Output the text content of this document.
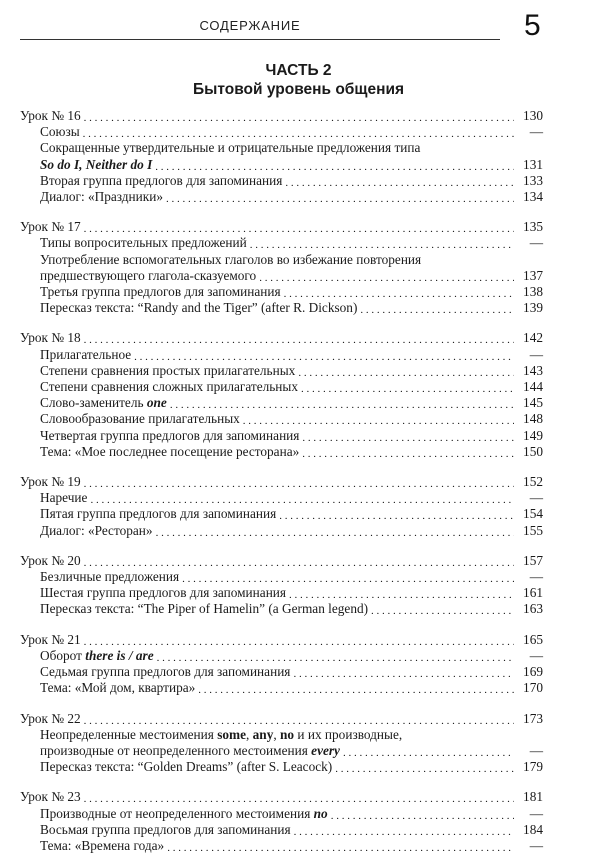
СОДЕРЖАНИЕ	5
ЧАСТЬ 2
Бытовой уровень общения
Урок № 16 . . .	130
Союзы . . .	—
Сокращенные утвердительные и отрицательные предложения типа
So do I, Neither do I . . .	131
Вторая группа предлогов для запоминания . . .	133
Диалог: «Праздники» . . .	134
Урок № 17 . . .	135
Типы вопросительных предложений . . .	—
Употребление вспомогательных глаголов во избежание повторения
предшествующего глагола-сказуемого . . .	137
Третья группа предлогов для запоминания . . .	138
Пересказ текста: “Randy and the Tiger” (after R. Dickson) . . .	139
Урок № 18 . . .	142
Прилагательное . . .	—
Степени сравнения простых прилагательных . . .	143
Степени сравнения сложных прилагательных . . .	144
Слово-заменитель one . . .	145
Словообразование прилагательных . . .	148
Четвертая группа предлогов для запоминания . . .	149
Тема: «Мое последнее посещение ресторана» . . .	150
Урок № 19 . . .	152
Наречие . . .	—
Пятая группа предлогов для запоминания . . .	154
Диалог: «Ресторан» . . .	155
Урок № 20 . . .	157
Безличные предложения . . .	—
Шестая группа предлогов для запоминания . . .	161
Пересказ текста: “The Piper of Hamelin” (a German legend) . . .	163
Урок № 21 . . .	165
Оборот there is / are . . .	—
Седьмая группа предлогов для запоминания . . .	169
Тема: «Мой дом, квартира» . . .	170
Урок № 22 . . .	173
Неопределенные местоимения some, any, no и их производные,
производные от неопределенного местоимения every . . .	—
Пересказ текста: “Golden Dreams” (after S. Leacock) . . .	179
Урок № 23 . . .	181
Производные от неопределенного местоимения no . . .	—
Восьмая группа предлогов для запоминания . . .	184
Тема: «Времена года» . . .	—
